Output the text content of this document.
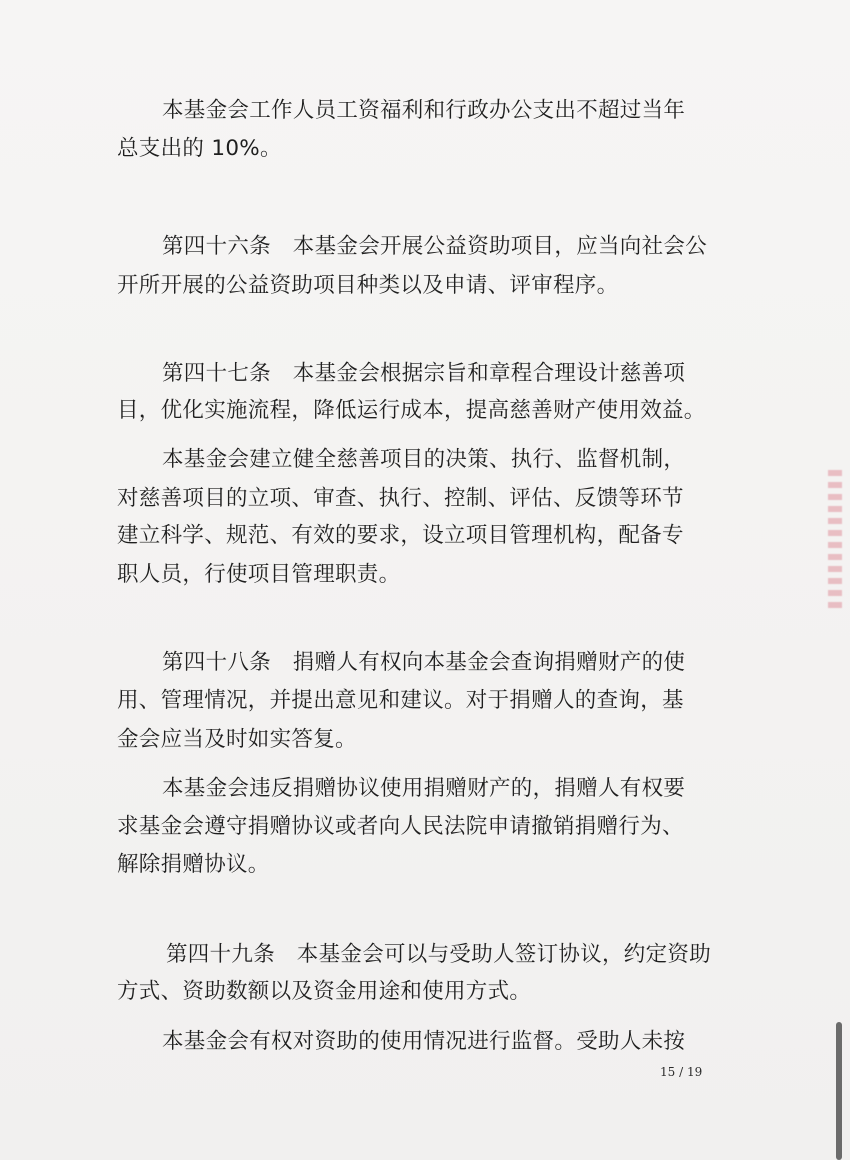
本基金会工作人员工资福利和行政办公支出不超过当年

总支出的 10%。

第四十六条　本基金会开展公益资助项目，应当向社会公

开所开展的公益资助项目种类以及申请、评审程序。

第四十七条　本基金会根据宗旨和章程合理设计慈善项

目，优化实施流程，降低运行成本，提高慈善财产使用效益。

本基金会建立健全慈善项目的决策、执行、监督机制，

对慈善项目的立项、审查、执行、控制、评估、反馈等环节

建立科学、规范、有效的要求，设立项目管理机构，配备专

职人员，行使项目管理职责。

第四十八条　捐赠人有权向本基金会查询捐赠财产的使

用、管理情况，并提出意见和建议。对于捐赠人的查询，基

金会应当及时如实答复。

本基金会违反捐赠协议使用捐赠财产的，捐赠人有权要

求基金会遵守捐赠协议或者向人民法院申请撤销捐赠行为、

解除捐赠协议。

第四十九条　本基金会可以与受助人签订协议，约定资助

方式、资助数额以及资金用途和使用方式。

本基金会有权对资助的使用情况进行监督。受助人未按

15 / 19
